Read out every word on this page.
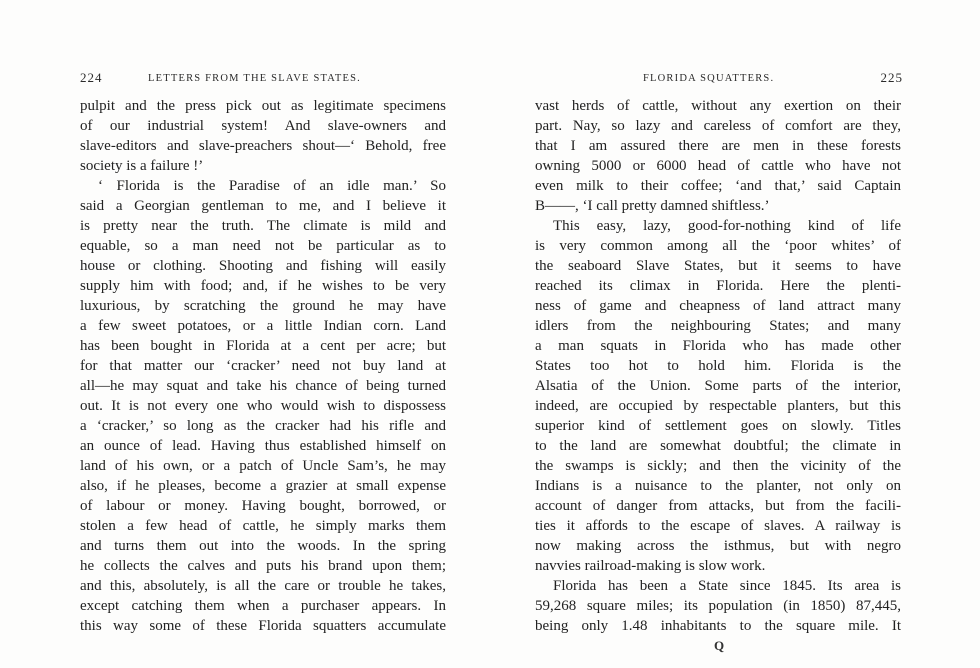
224	LETTERS FROM THE SLAVE STATES.
pulpit and the press pick out as legitimate specimens
of our industrial system! And slave-owners and
slave-editors and slave-preachers shout—‘ Behold, free
society is a failure !’
‘ Florida is the Paradise of an idle man.’ So
said a Georgian gentleman to me, and I believe it
is pretty near the truth. The climate is mild and
equable, so a man need not be particular as to
house or clothing. Shooting and fishing will easily
supply him with food; and, if he wishes to be very
luxurious, by scratching the ground he may have
a few sweet potatoes, or a little Indian corn. Land
has been bought in Florida at a cent per acre; but
for that matter our ‘cracker’ need not buy land at
all—he may squat and take his chance of being turned
out. It is not every one who would wish to dispossess
a ‘cracker,’ so long as the cracker had his rifle and
an ounce of lead. Having thus established himself on
land of his own, or a patch of Uncle Sam’s, he may
also, if he pleases, become a grazier at small expense
of labour or money. Having bought, borrowed, or
stolen a few head of cattle, he simply marks them
and turns them out into the woods. In the spring
he collects the calves and puts his brand upon them;
and this, absolutely, is all the care or trouble he takes,
except catching them when a purchaser appears. In
this way some of these Florida squatters accumulate
FLORIDA SQUATTERS.	225
vast herds of cattle, without any exertion on their
part. Nay, so lazy and careless of comfort are they,
that I am assured there are men in these forests
owning 5000 or 6000 head of cattle who have not
even milk to their coffee; ‘and that,’ said Captain
B——, ‘I call pretty damned shiftless.’
This easy, lazy, good-for-nothing kind of life
is very common among all the ‘poor whites’ of
the seaboard Slave States, but it seems to have
reached its climax in Florida. Here the plenti-
ness of game and cheapness of land attract many
idlers from the neighbouring States; and many
a man squats in Florida who has made other
States too hot to hold him. Florida is the
Alsatia of the Union. Some parts of the interior,
indeed, are occupied by respectable planters, but this
superior kind of settlement goes on slowly. Titles
to the land are somewhat doubtful; the climate in
the swamps is sickly; and then the vicinity of the
Indians is a nuisance to the planter, not only on
account of danger from attacks, but from the facili-
ties it affords to the escape of slaves. A railway is
now making across the isthmus, but with negro
navvies railroad-making is slow work.
Florida has been a State since 1845. Its area is
59,268 square miles; its population (in 1850) 87,445,
being only 1.48 inhabitants to the square mile. It
Q
